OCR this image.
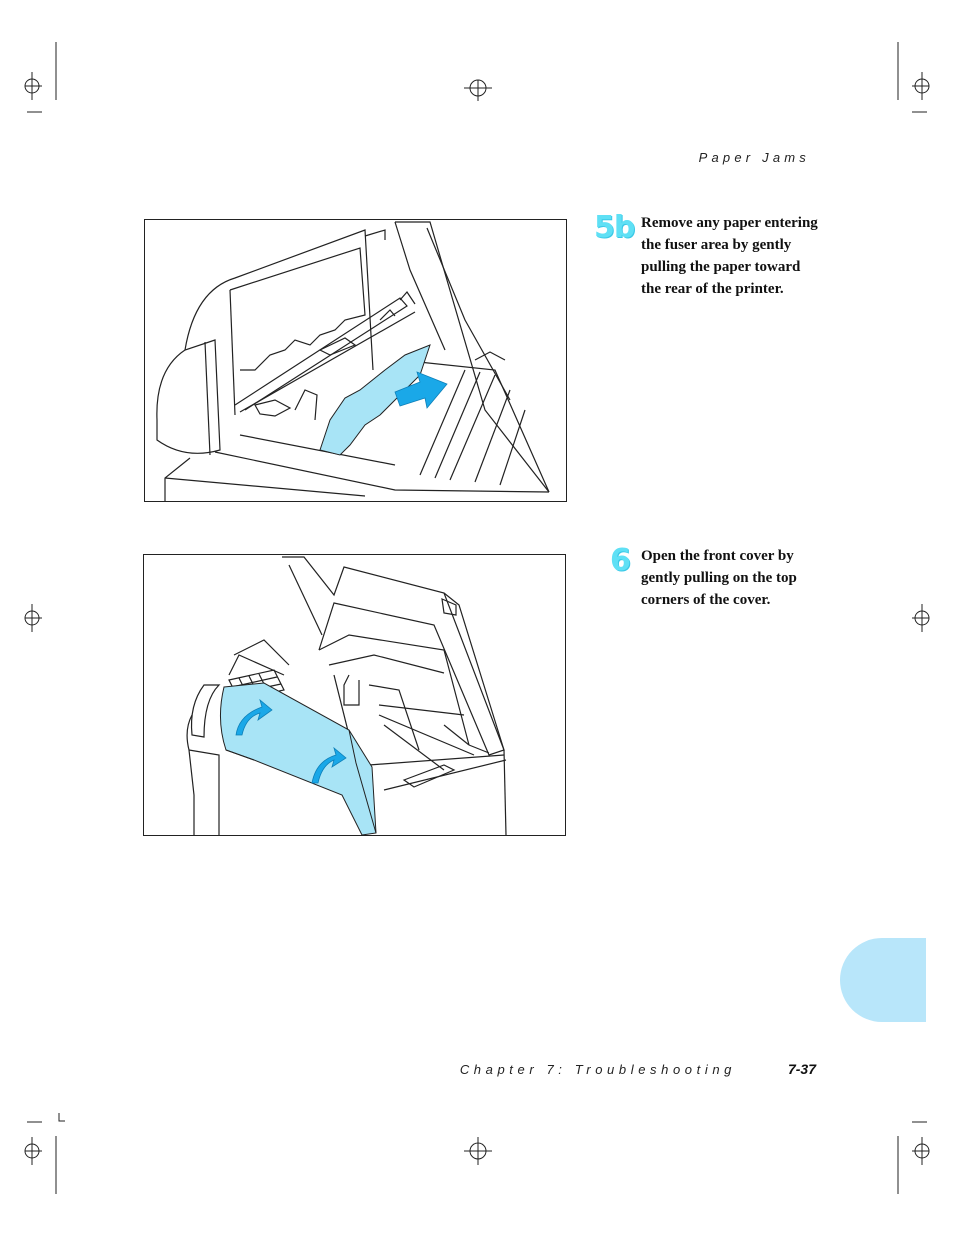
Paper Jams
5b Remove any paper entering the fuser area by gently pulling the paper toward the rear of the printer.
6 Open the front cover by gently pulling on the top corners of the cover.
Chapter 7: Troubleshooting	7-37
